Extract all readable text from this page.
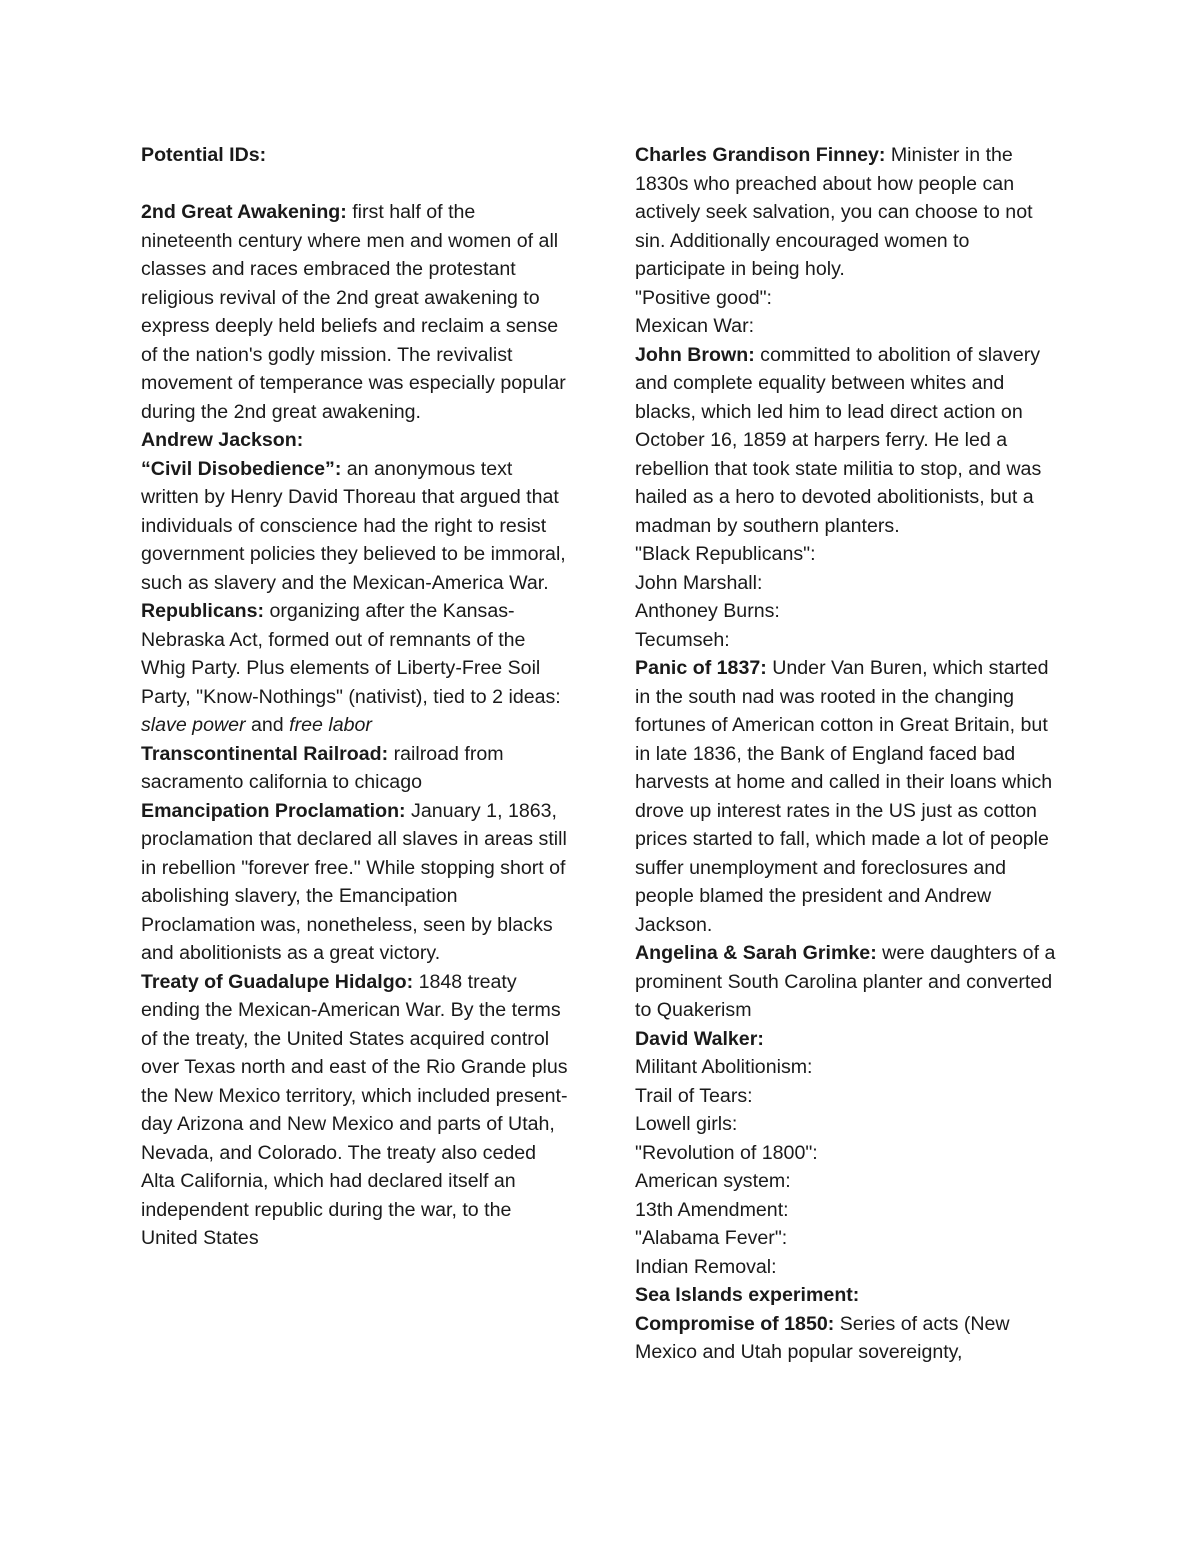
Potential IDs:

2nd Great Awakening: first half of the nineteenth century where men and women of all classes and races embraced the protestant religious revival of the 2nd great awakening to express deeply held beliefs and reclaim a sense of the nation's godly mission. The revivalist movement of temperance was especially popular during the 2nd great awakening.

Andrew Jackson:

“Civil Disobedience”: an anonymous text written by Henry David Thoreau that argued that individuals of conscience had the right to resist government policies they believed to be immoral, such as slavery and the Mexican-America War.

Republicans: organizing after the Kansas-Nebraska Act, formed out of remnants of the Whig Party. Plus elements of Liberty-Free Soil Party, "Know-Nothings" (nativist), tied to 2 ideas: slave power and free labor

Transcontinental Railroad: railroad from sacramento california to chicago

Emancipation Proclamation: January 1, 1863, proclamation that declared all slaves in areas still in rebellion "forever free." While stopping short of abolishing slavery, the Emancipation Proclamation was, nonetheless, seen by blacks and abolitionists as a great victory.

Treaty of Guadalupe Hidalgo: 1848 treaty ending the Mexican-American War. By the terms of the treaty, the United States acquired control over Texas north and east of the Rio Grande plus the New Mexico territory, which included present-day Arizona and New Mexico and parts of Utah, Nevada, and Colorado. The treaty also ceded Alta California, which had declared itself an independent republic during the war, to the United States

Charles Grandison Finney: Minister in the 1830s who preached about how people can actively seek salvation, you can choose to not sin. Additionally encouraged women to participate in being holy.

"Positive good":

Mexican War:

John Brown: committed to abolition of slavery and complete equality between whites and blacks, which led him to lead direct action on October 16, 1859 at harpers ferry. He led a rebellion that took state militia to stop, and was hailed as a hero to devoted abolitionists, but a madman by southern planters.

"Black Republicans":

John Marshall:

Anthoney Burns:

Tecumseh:

Panic of 1837: Under Van Buren, which started in the south nad was rooted in the changing fortunes of American cotton in Great Britain, but in late 1836, the Bank of England faced bad harvests at home and called in their loans which drove up interest rates in the US just as cotton prices started to fall, which made a lot of people suffer unemployment and foreclosures and people blamed the president and Andrew Jackson.

Angelina & Sarah Grimke: were daughters of a prominent South Carolina planter and converted to Quakerism

David Walker:

Militant Abolitionism:

Trail of Tears:

Lowell girls:

"Revolution of 1800":

American system:

13th Amendment:

"Alabama Fever":

Indian Removal:

Sea Islands experiment:

Compromise of 1850: Series of acts (New Mexico and Utah popular sovereignty,
